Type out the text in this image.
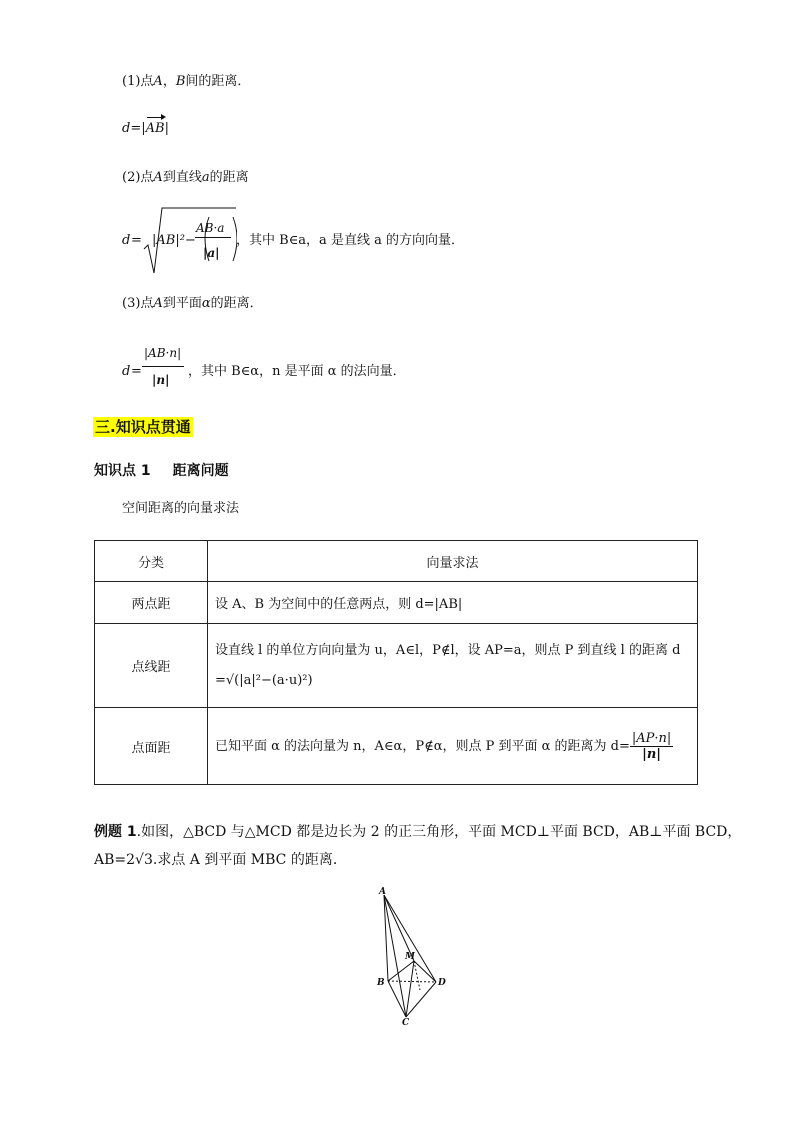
(1)点A，B间的距离．
d=|AB|
(2)点A到直线a的距离
d = |AB|²−
AB·a
|a|
，其中 B∈a，a 是直线 a 的方向向量．
(3)点A到平面α的距离．
d =
|AB·n|
|n|
，其中 B∈α，n 是平面 α 的法向量．
三.知识点贯通
知识点 1 距离问题
空间距离的向量求法
分类	向量求法
两点距	设 A、B 为空间中的任意两点，则 d=|AB|
点线距	设直线 l 的单位方向向量为 u，A∈l，P∉l，设 AP=a，则点 P 到直线 l 的距离 d
=√(|a|²−(a·u)²)

点面距	已知平面 α 的法向量为 n，A∈α，P∉α，则点 P 到平面 α 的距离为 $d= \frac{|AP\cdot n|}{|n|}$
例题 1.如图，△BCD 与△MCD 都是边长为 2 的正三角形，平面 MCD⊥平面 BCD，AB⊥平面 BCD，
AB=2√3.求点 A 到平面 MBC 的距离．
A
B
C
D
M
